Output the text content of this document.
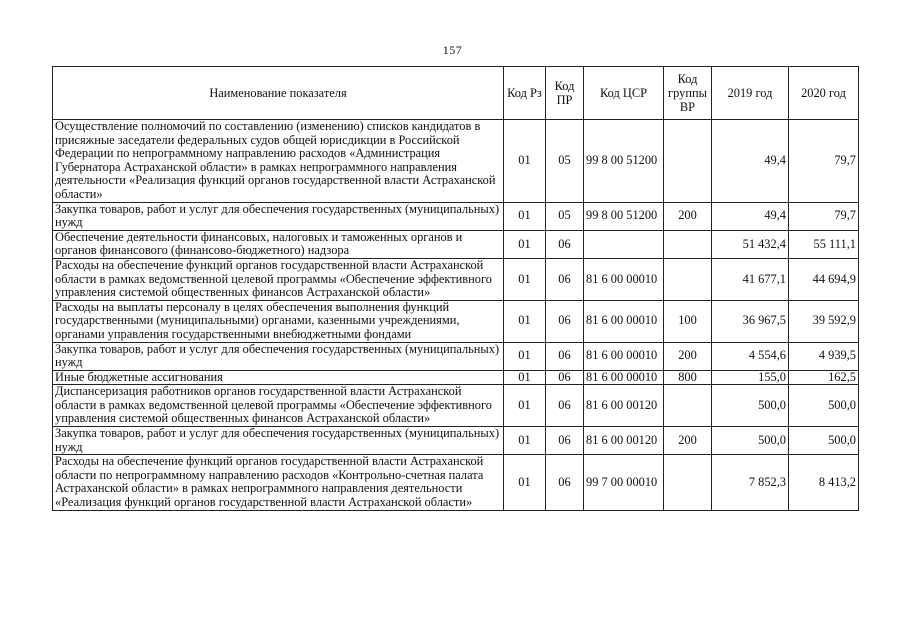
157
Наименование показателя	Код Рз	Код ПР	Код ЦСР	Код группы ВР	2019 год	2020 год
Осуществление полномочий по составлению (изменению) списков кандидатов в присяжные заседатели федеральных судов общей юрисдикции в Российской Федерации по непрограммному направлению расходов «Администрация Губернатора Астраханской области» в рамках непрограммного направления деятельности «Реализация функций органов государственной власти Астраханской области»	01	05	99 8 00 51200		49,4	79,7
Закупка товаров, работ и услуг для обеспечения государственных (муниципальных) нужд	01	05	99 8 00 51200	200	49,4	79,7
Обеспечение деятельности финансовых, налоговых и таможенных органов и органов финансового (финансово-бюджетного) надзора	01	06			51 432,4	55 111,1
Расходы на обеспечение функций органов государственной власти Астраханской области в рамках ведомственной целевой программы «Обеспечение эффективного управления системой общественных финансов Астраханской области»	01	06	81 6 00 00010		41 677,1	44 694,9
Расходы на выплаты персоналу в целях обеспечения выполнения функций государственными (муниципальными) органами, казенными учреждениями, органами управления государственными внебюджетными фондами	01	06	81 6 00 00010	100	36 967,5	39 592,9
Закупка товаров, работ и услуг для обеспечения государственных (муниципальных) нужд	01	06	81 6 00 00010	200	4 554,6	4 939,5
Иные бюджетные ассигнования	01	06	81 6 00 00010	800	155,0	162,5
Диспансеризация работников органов государственной власти Астраханской области в рамках ведомственной целевой программы «Обеспечение эффективного управления системой общественных финансов Астраханской области»	01	06	81 6 00 00120		500,0	500,0
Закупка товаров, работ и услуг для обеспечения государственных (муниципальных) нужд	01	06	81 6 00 00120	200	500,0	500,0
Расходы на обеспечение функций органов государственной власти Астраханской области по непрограммному направлению расходов «Контрольно-счетная палата Астраханской области» в рамках непрограммного направления деятельности «Реализация функций органов государственной власти Астраханской области»	01	06	99 7 00 00010		7 852,3	8 413,2
